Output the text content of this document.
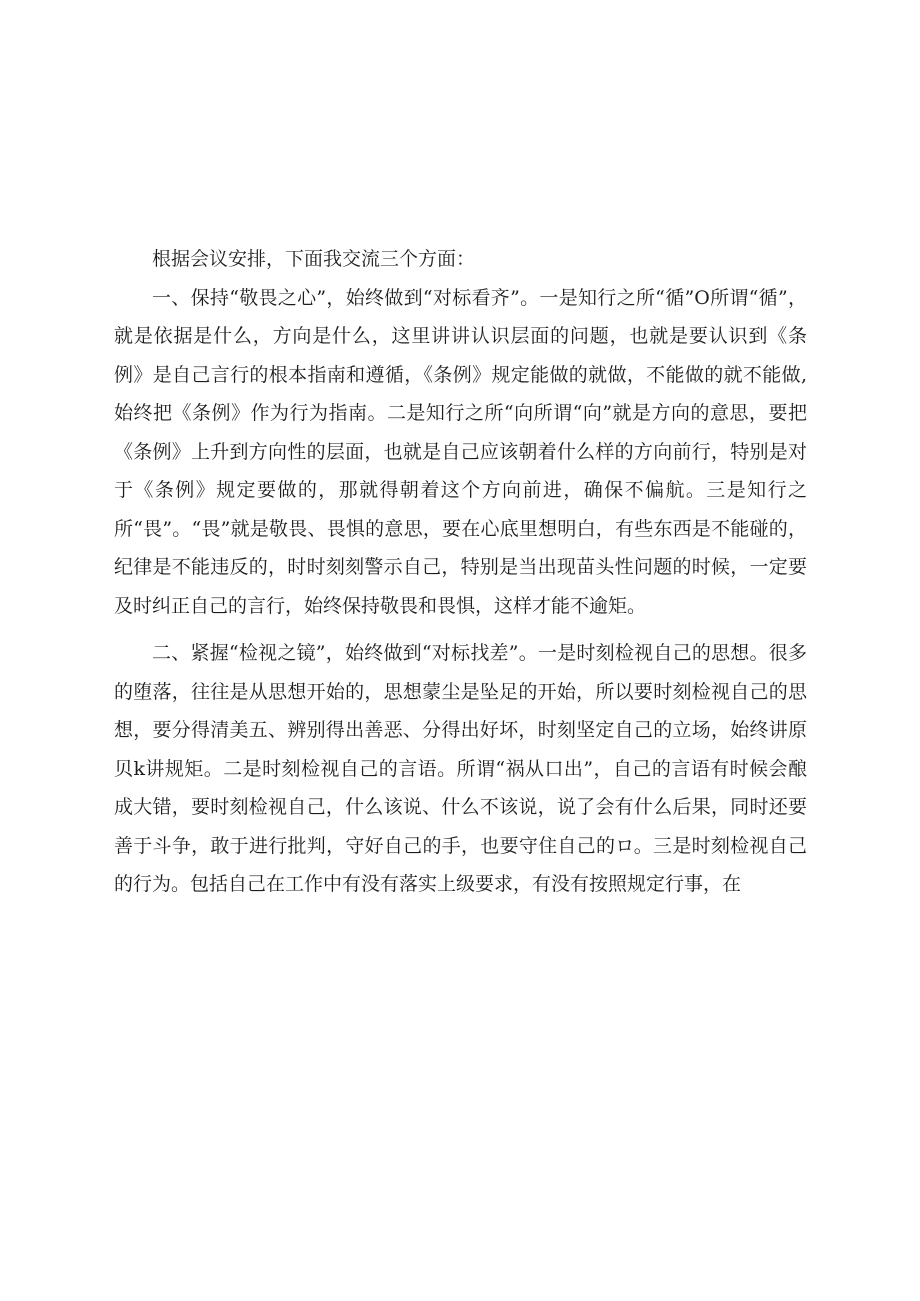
根据会议安排，下面我交流三个方面：

一、保持“敬畏之心”，始终做到“对标看齐”。一是知行之所“循”O所谓“循”，就是依据是什么，方向是什么，这里讲讲认识层面的问题，也就是要认识到《条例》是自己言行的根本指南和遵循，《条例》规定能做的就做，不能做的就不能做,始终把《条例》作为行为指南。二是知行之所“向所谓“向”就是方向的意思，要把《条例》上升到方向性的层面，也就是自己应该朝着什么样的方向前行，特别是对于《条例》规定要做的，那就得朝着这个方向前进，确保不偏航。三是知行之所“畏”。“畏”就是敬畏、畏惧的意思，要在心底里想明白，有些东西是不能碰的，纪律是不能违反的，时时刻刻警示自己，特别是当出现苗头性问题的时候，一定要及时纠正自己的言行，始终保持敬畏和畏惧，这样才能不逾矩。

二、紧握“检视之镜”，始终做到“对标找差”。一是时刻检视自己的思想。很多的堕落，往往是从思想开始的，思想蒙尘是坠足的开始，所以要时刻检视自己的思想，要分得清美五、辨别得出善恶、分得出好坏，时刻坚定自己的立场，始终讲原贝k讲规矩。二是时刻检视自己的言语。所谓“祸从口出”，自己的言语有时候会酿成大错，要时刻检视自己，什么该说、什么不该说，说了会有什么后果，同时还要善于斗争，敢于进行批判，守好自己的手，也要守住自己的ロ。三是时刻检视自己的行为。包括自己在工作中有没有落实上级要求，有没有按照规定行事，在
